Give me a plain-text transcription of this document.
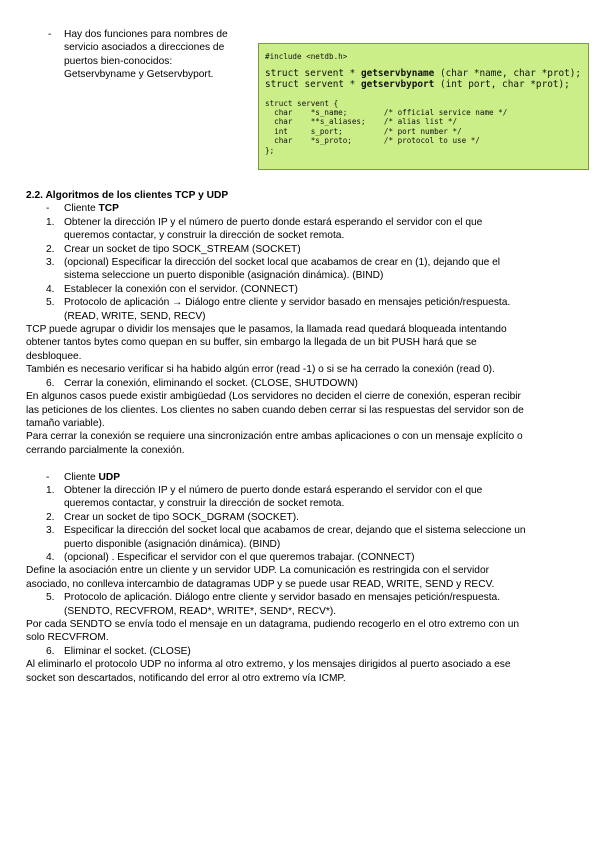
-	Hay dos funciones para nombres de

servicio asociados a direcciones de

puertos bien-conocidos:

Getservbyname y Getservbyport.

#include <netdb.h>
struct servent * getservbyname (char *name, char *prot);
struct servent * getservbyport (int port, char *prot);
struct servent {
char    *s_name;        /* official service name */
char    **s_aliases;    /* alias list */
int     s_port;         /* port number */
char    *s_proto;       /* protocol to use */
};

2.2. Algoritmos de los clientes TCP y UDP

- Cliente TCP
1. Obtener la dirección IP y el número de puerto donde estará esperando el servidor con el que
queremos contactar, y construir la dirección de socket remota.
2. Crear un socket de tipo SOCK_STREAM (SOCKET)
3. (opcional) Especificar la dirección del socket local que acabamos de crear en (1), dejando que el
sistema seleccione un puerto disponible (asignación dinámica). (BIND)
4. Establecer la conexión con el servidor. (CONNECT)
5. Protocolo de aplicación → Diálogo entre cliente y servidor basado en mensajes petición/respuesta.
(READ, WRITE, SEND, RECV)

TCP puede agrupar o dividir los mensajes que le pasamos, la llamada read quedará bloqueada intentando

obtener tantos bytes como quepan en su buffer, sin embargo la llegada de un bit PUSH hará que se

desbloquee.

También es necesario verificar si ha habido algún error (read -1) o si se ha cerrado la conexión (read 0).

6. Cerrar la conexión, eliminando el socket. (CLOSE, SHUTDOWN)

En algunos casos puede existir ambigüedad (Los servidores no deciden el cierre de conexión, esperan recibir

las peticiones de los clientes. Los clientes no saben cuando deben cerrar si las respuestas del servidor son de

tamaño variable).

Para cerrar la conexión se requiere una sincronización entre ambas aplicaciones o con un mensaje explícito o

cerrando parcialmente la conexión.

- Cliente UDP
1. Obtener la dirección IP y el número de puerto donde estará esperando el servidor con el que
queremos contactar, y construir la dirección de socket remota.
2. Crear un socket de tipo SOCK_DGRAM (SOCKET).
3. Especificar la dirección del socket local que acabamos de crear, dejando que el sistema seleccione un
puerto disponible (asignación dinámica). (BIND)
4. (opcional) . Especificar el servidor con el que queremos trabajar. (CONNECT)

Define la asociación entre un cliente y un servidor UDP. La comunicación es restringida con el servidor

asociado, no conlleva intercambio de datagramas UDP y se puede usar READ, WRITE, SEND y RECV.

5. Protocolo de aplicación. Diálogo entre cliente y servidor basado en mensajes petición/respuesta.
(SENDTO, RECVFROM, READ*, WRITE*, SEND*, RECV*).

Por cada SENDTO se envía todo el mensaje en un datagrama, pudiendo recogerlo en el otro extremo con un

solo RECVFROM.

6. Eliminar el socket. (CLOSE)

Al eliminarlo el protocolo UDP no informa al otro extremo, y los mensajes dirigidos al puerto asociado a ese

socket son descartados, notificando del error al otro extremo vía ICMP.
